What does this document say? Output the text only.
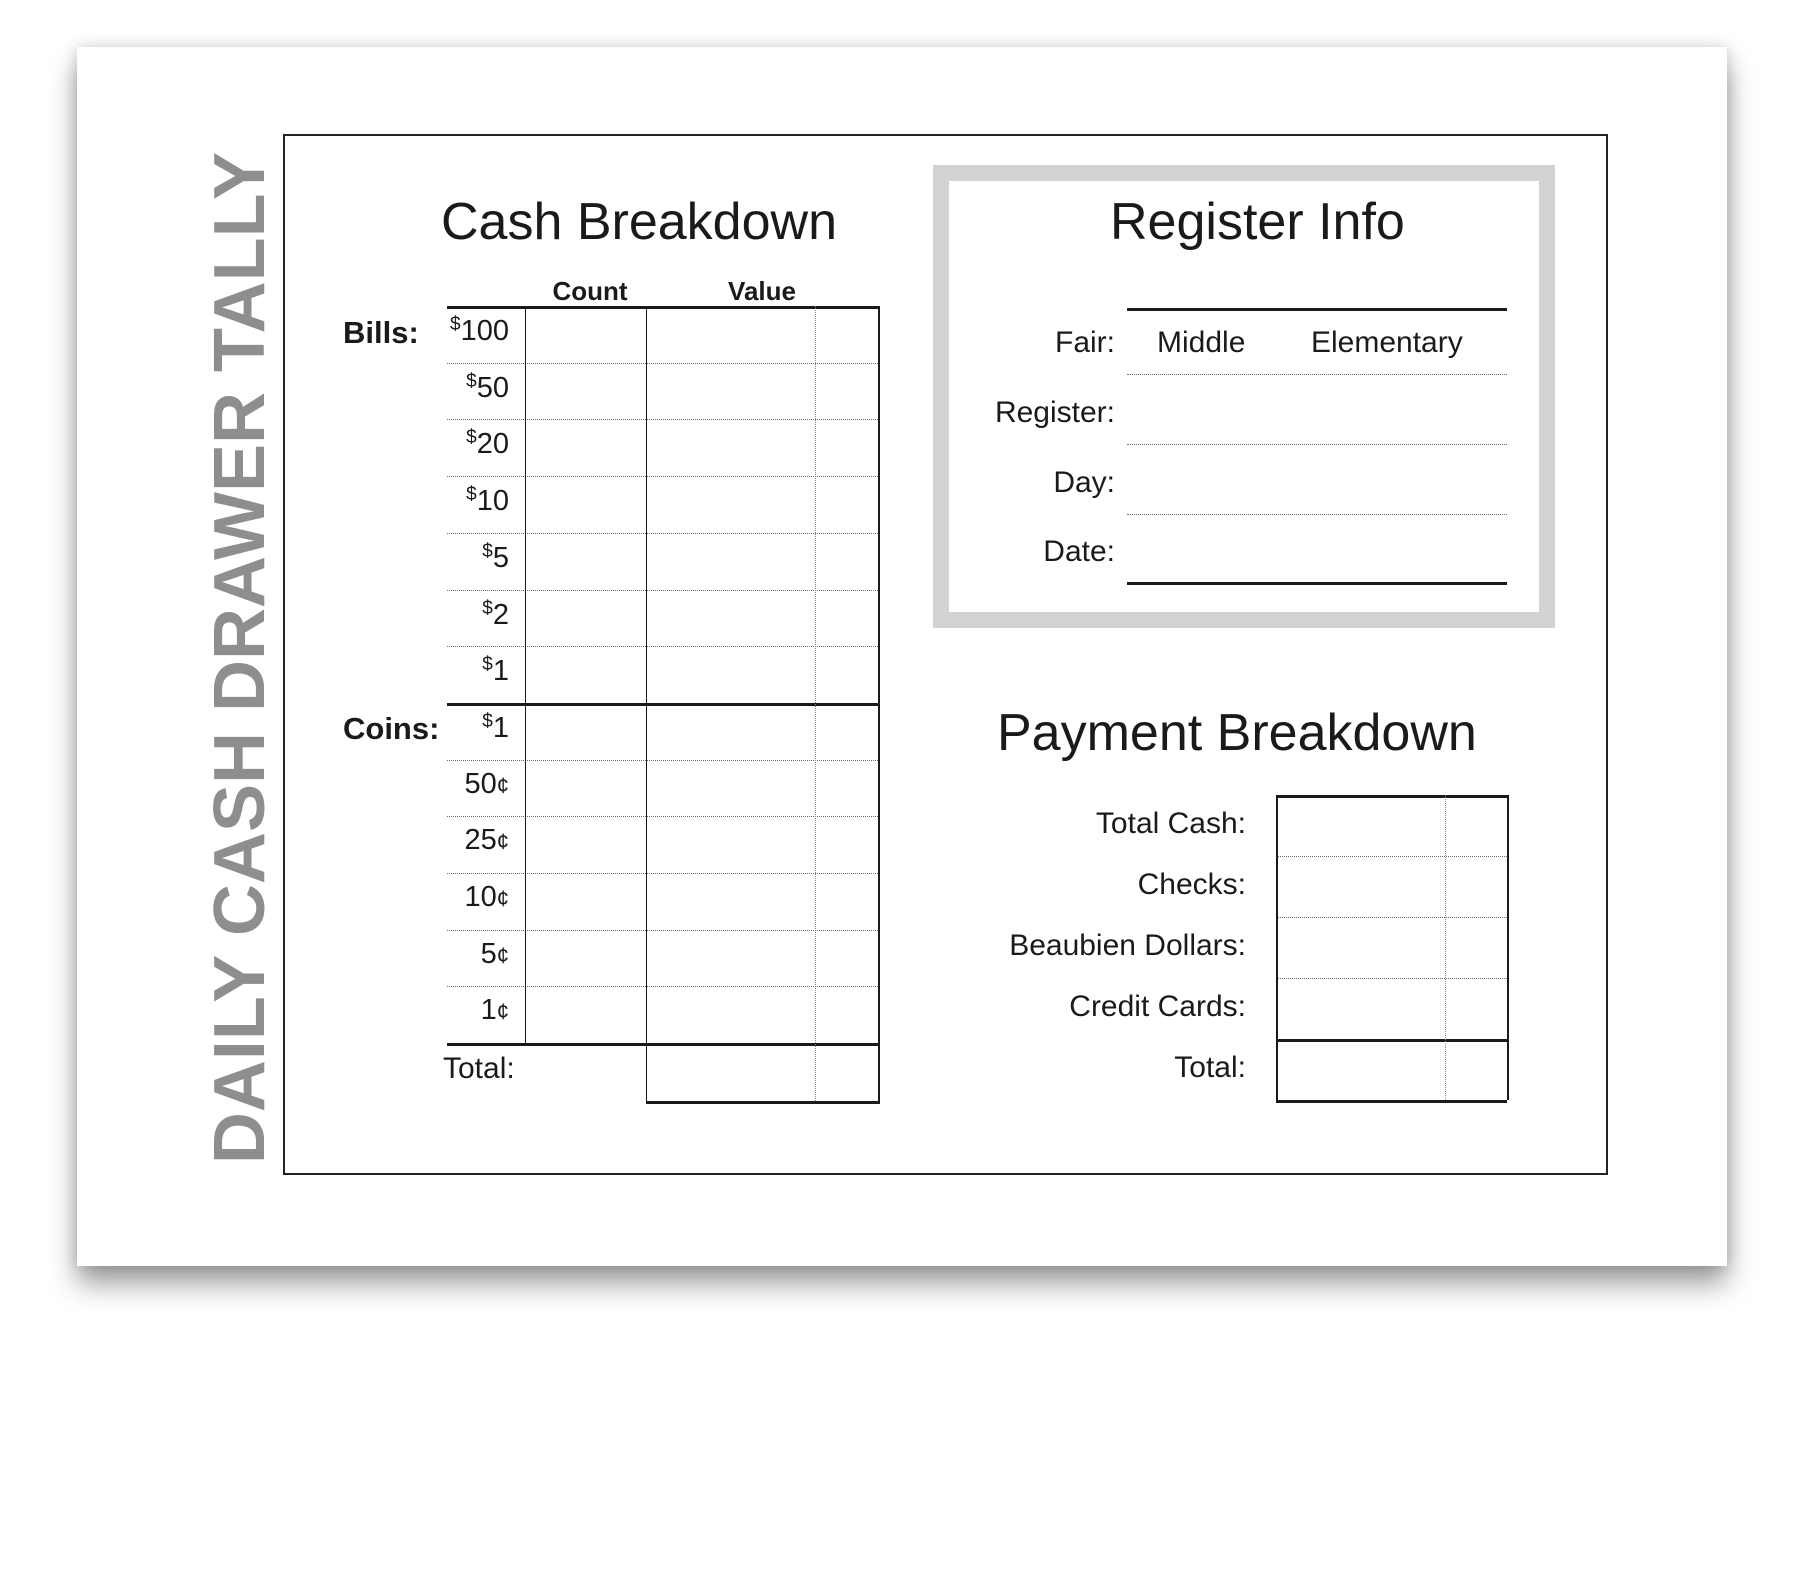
DAILY CASH DRAWER TALLY	Cash Breakdown
Count	Value
Bills:
Coins:
$100
$50
$20
$10
$5
$2
$1
$1
50¢
25¢
10¢
5¢
1¢
Total:
Register Info
Fair: Middle Elementary
Register:
Day:
Date:
Payment Breakdown
Total Cash:
Checks:
Beaubien Dollars:
Credit Cards:
Total:
